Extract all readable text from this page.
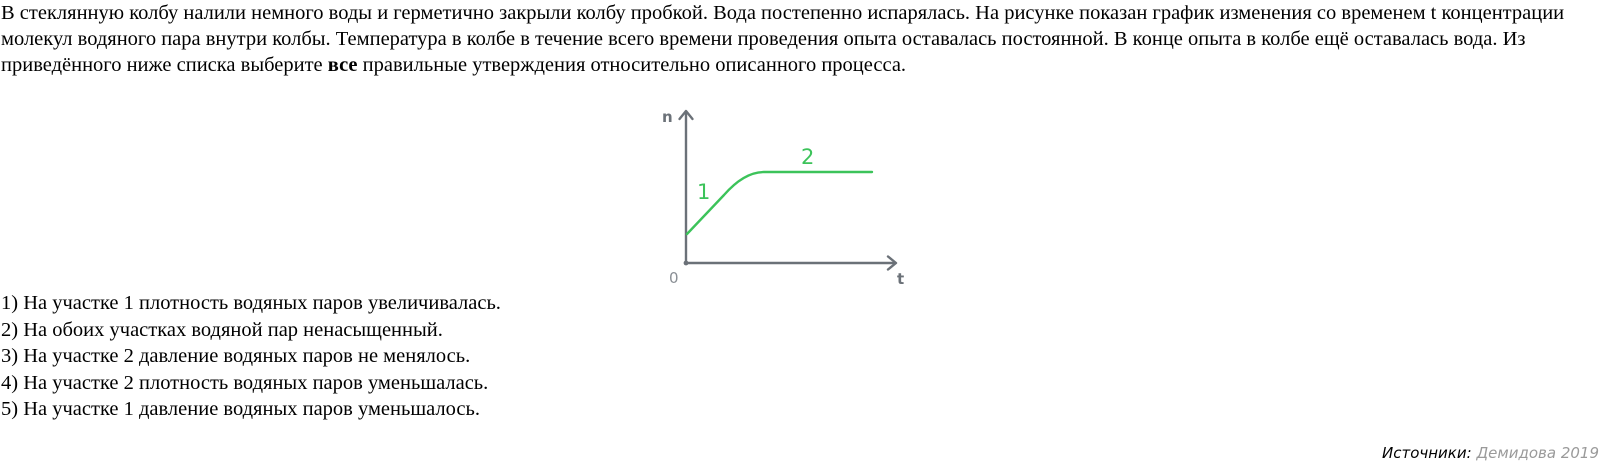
В стеклянную колбу налили немного воды и герметично закрыли колбу пробкой. Вода постепенно испарялась. На рисунке показан график изменения со временем t концентрации молекул водяного пара внутри колбы. Температура в колбе в течение всего времени проведения опыта оставалась постоянной. В конце опыта в колбе ещё оставалась вода. Из приведённого ниже списка выберите все правильные утверждения относительно описанного процесса.
n
t
0
1
2
1) На участке 1 плотность водяных паров увеличивалась.
2) На обоих участках водяной пар ненасыщенный.
3) На участке 2 давление водяных паров не менялось.
4) На участке 2 плотность водяных паров уменьшалась.
5) На участке 1 давление водяных паров уменьшалось.
Источники: Демидова 2019
